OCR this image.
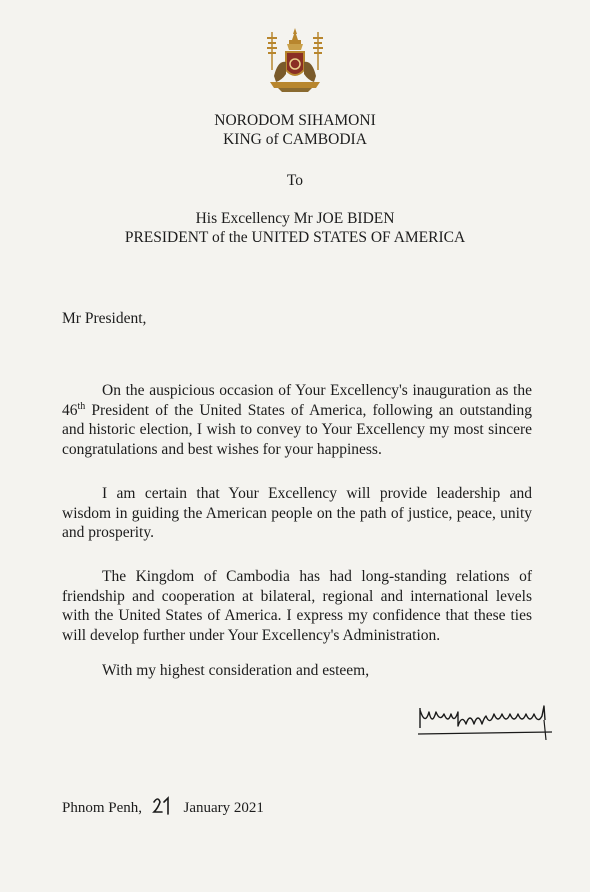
NORODOM SIHAMONI
KING of CAMBODIA
To
His Excellency Mr JOE BIDEN
PRESIDENT of the UNITED STATES OF AMERICA
Mr President,

On the auspicious occasion of Your Excellency's inauguration as the 46th President of the United States of America, following an outstanding and historic election, I wish to convey to Your Excellency my most sincere congratulations and best wishes for your happiness.

I am certain that Your Excellency will provide leadership and wisdom in guiding the American people on the path of justice, peace, unity and prosperity.

The Kingdom of Cambodia has had long-standing relations of friendship and cooperation at bilateral, regional and international levels with the United States of America. I express my confidence that these ties will develop further under Your Excellency's Administration.

With my highest consideration and esteem,
Phnom Penh,	January 2021
